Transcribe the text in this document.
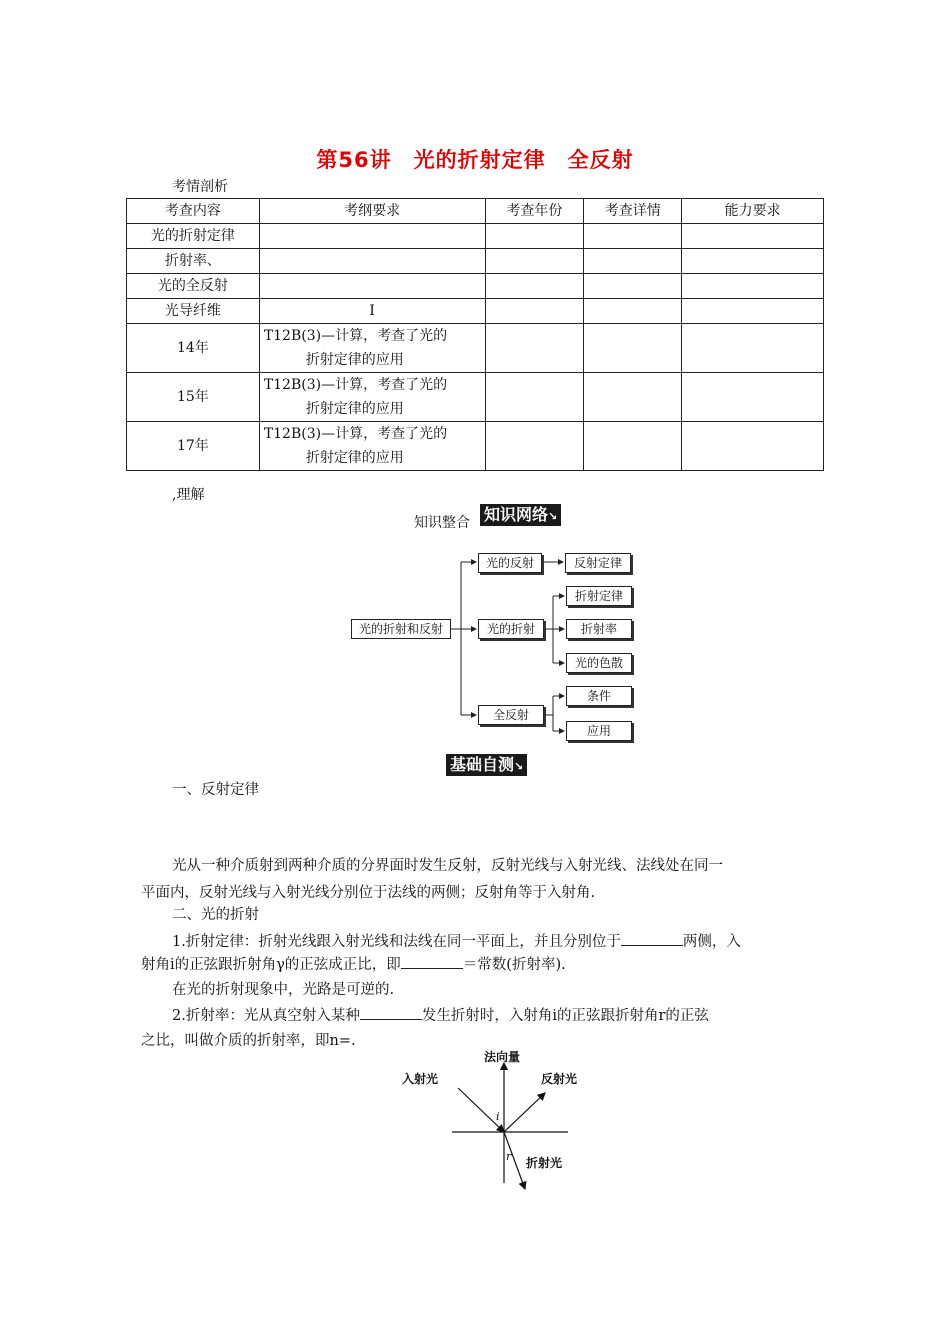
第56讲　光的折射定律 全反射
考情剖析
考查内容	考纲要求	考查年份	考查详情	能力要求
光的折射定律				
折射率、				
光的全反射				
光导纤维	Ⅰ			
14年	T12B(3)—计算，考查了光的
折射定律的应用			

15年	T12B(3)—计算，考查了光的
折射定律的应用			

17年	T12B(3)—计算，考查了光的
折射定律的应用			

,理解
知识整合 知识网络↘
光的折射和反射
光的反射	反射定律
光的折射
折射定律
折射率
光的色散
全反射
条件
应用
基础自测↘
一、反射定律
光从一种介质射到两种介质的分界面时发生反射，反射光线与入射光线、法线处在同一
平面内，反射光线与入射光线分别位于法线的两侧；反射角等于入射角.
二、光的折射
1.折射定律：折射光线跟入射光线和法线在同一平面上，并且分别位于	两侧，入
射角i的正弦跟折射角γ的正弦成正比，即	＝常数(折射率).
在光的折射现象中，光路是可逆的.
2.折射率：光从真空射入某种	发生折射时，入射角i的正弦跟折射角r的正弦
之比，叫做介质的折射率，即n=.
法向量
入射光	反射光
折射光
i
r
